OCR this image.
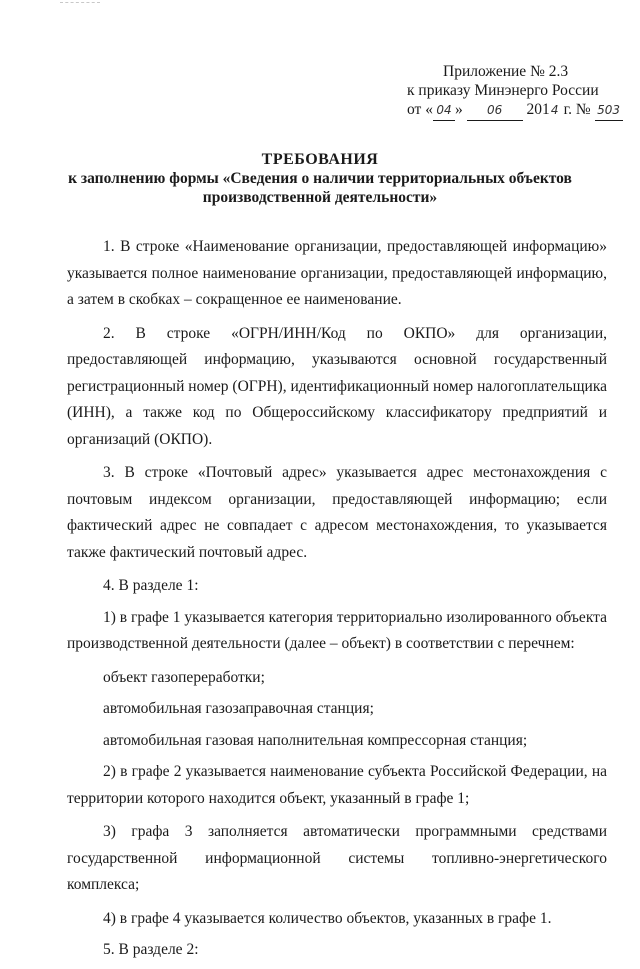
Приложение № 2.3
к приказу Минэнерго России
от « 04 » 06 2014 г. № 503
ТРЕБОВАНИЯ
к заполнению формы «Сведения о наличии территориальных объектов
производственной деятельности»

1. В строке «Наименование организации, предоставляющей информацию» указывается полное наименование организации, предоставляющей информацию, а затем в скобках – сокращенное ее наименование.

2. В строке «ОГРН/ИНН/Код по ОКПО» для организации, предоставляющей информацию, указываются основной государственный регистрационный номер (ОГРН), идентификационный номер налогоплательщика (ИНН), а также код по Общероссийскому классификатору предприятий и организаций (ОКПО).

3. В строке «Почтовый адрес» указывается адрес местонахождения с почтовым индексом организации, предоставляющей информацию; если фактический адрес не совпадает с адресом местонахождения, то указывается также фактический почтовый адрес.

4. В разделе 1:

1) в графе 1 указывается категория территориально изолированного объекта производственной деятельности (далее – объект) в соответствии с перечнем:

объект газопереработки;

автомобильная газозаправочная станция;

автомобильная газовая наполнительная компрессорная станция;

2) в графе 2 указывается наименование субъекта Российской Федерации, на территории которого находится объект, указанный в графе 1;

3) графа 3 заполняется автоматически программными средствами государственной информационной системы топливно-энергетического комплекса;

4) в графе 4 указывается количество объектов, указанных в графе 1.

5. В разделе 2:
